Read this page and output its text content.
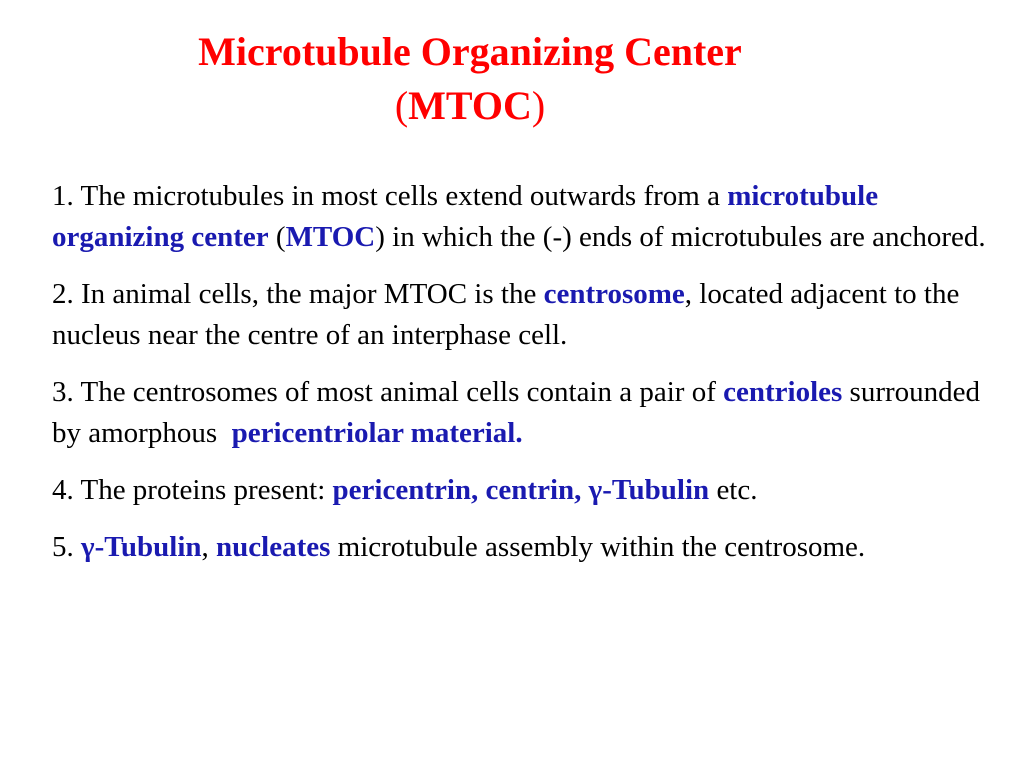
Microtubule Organizing Center
(MTOC)

1. The microtubules in most cells extend outwards from a microtubule organizing center (MTOC) in which the (-) ends of microtubules are anchored.

2. In animal cells, the major MTOC is the centrosome, located adjacent to the nucleus near the centre of an interphase cell.

3. The centrosomes of most animal cells contain a pair of centrioles surrounded by amorphous  pericentriolar material.

4. The proteins present: pericentrin, centrin, γ-Tubulin etc.

5. γ-Tubulin, nucleates microtubule assembly within the centrosome.
